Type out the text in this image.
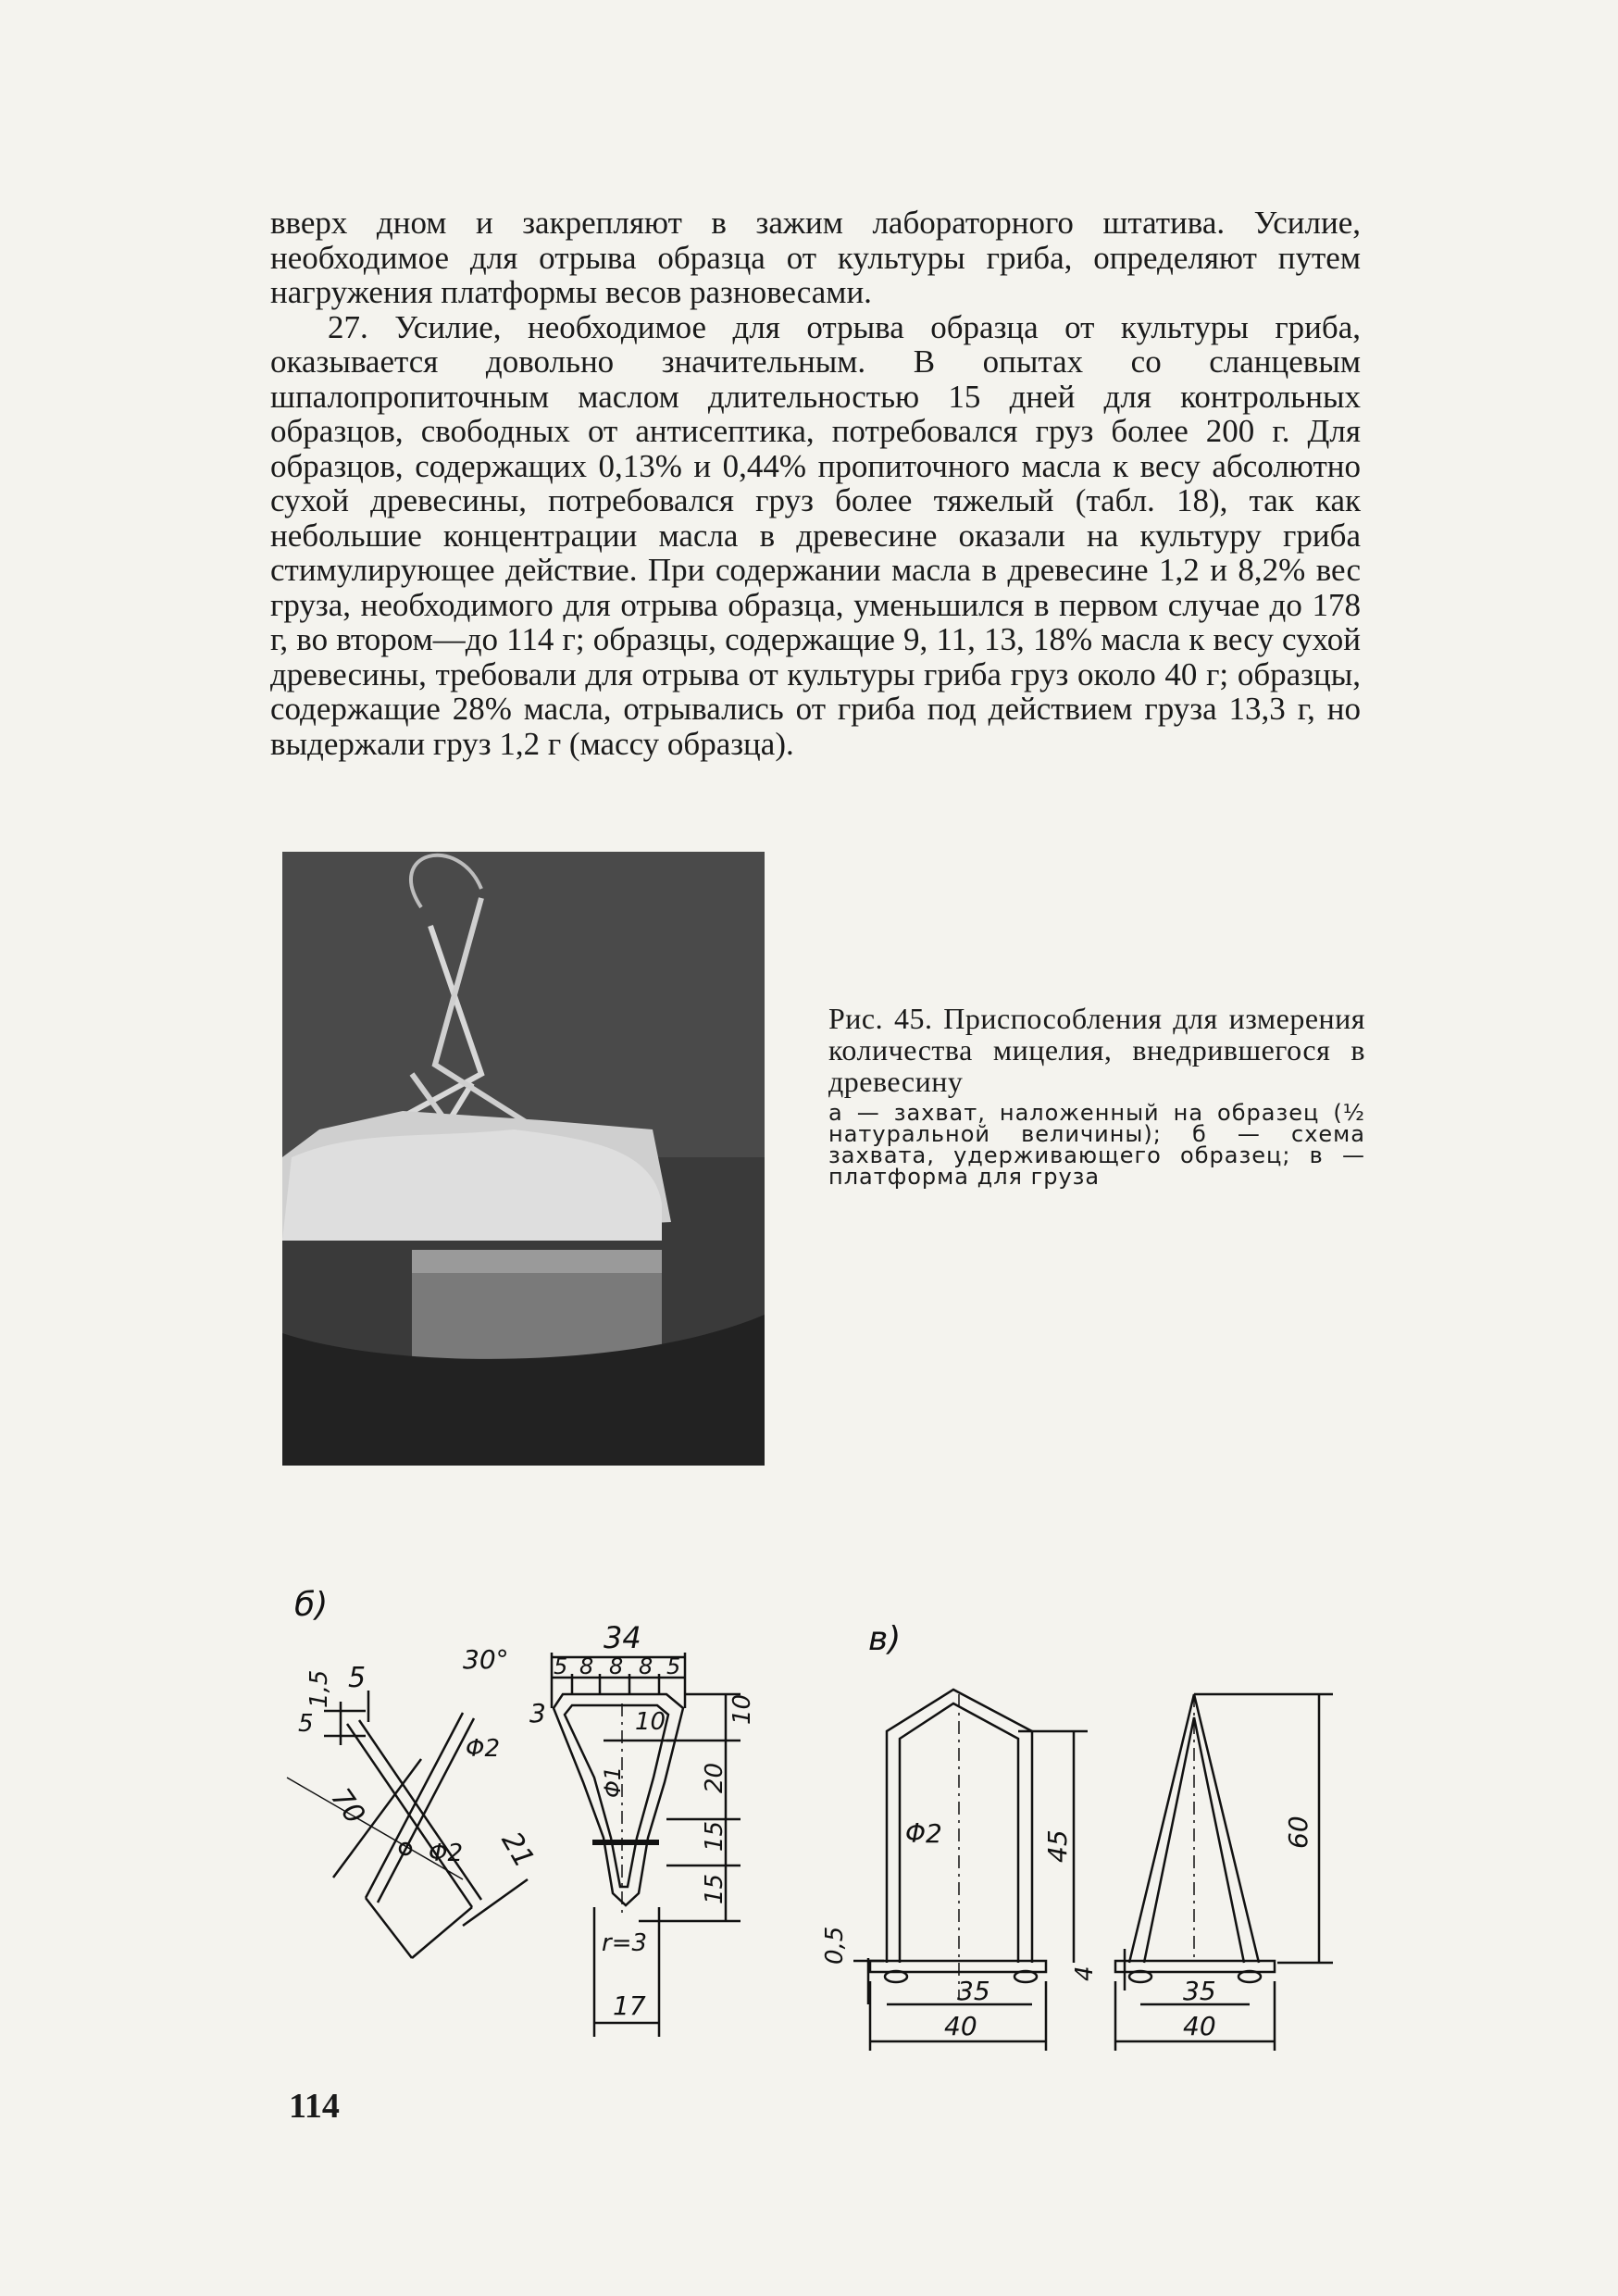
вверх дном и закрепляют в зажим лабораторного штатива. Усилие, необходимое для отрыва образца от культуры гриба, определяют путем нагружения платформы весов разновесами.

27. Усилие, необходимое для отрыва образца от культуры гриба, оказывается довольно значительным. В опытах со сланцевым шпалопропиточным маслом длительностью 15 дней для контрольных образцов, свободных от антисептика, потребовался груз более 200 г. Для образцов, содержащих 0,13% и 0,44% пропиточного масла к весу абсолютно сухой древесины, потребовался груз более тяжелый (табл. 18), так как небольшие концентрации масла в древесине оказали на культуру гриба стимулирующее действие. При содержании масла в древесине 1,2 и 8,2% вес груза, необходимого для отрыва образца, уменьшился в первом случае до 178 г, во втором—до 114 г; образцы, содержащие 9, 11, 13, 18% масла к весу сухой древесины, требовали для отрыва от культуры гриба груз около 40 г; образцы, содержащие 28% масла, отрывались от гриба под действием груза 13,3 г, но выдержали груз 1,2 г (массу образца).

Рис. 45. Приспособления для измерения количества мицелия, внедрившегося в древесину
а — захват, наложенный на образец (½ натуральной величины); б — схема захвата, удерживающего образец; в — платформа для груза
б)
1,5 5
5
30°
3
70
Φ2
Φ2 21
34
5 8 8 8 5
10	10
20
15
15
Φ1
r=3
17
в)
Φ2	45
0,5
35
40
4
60
35
40
114
